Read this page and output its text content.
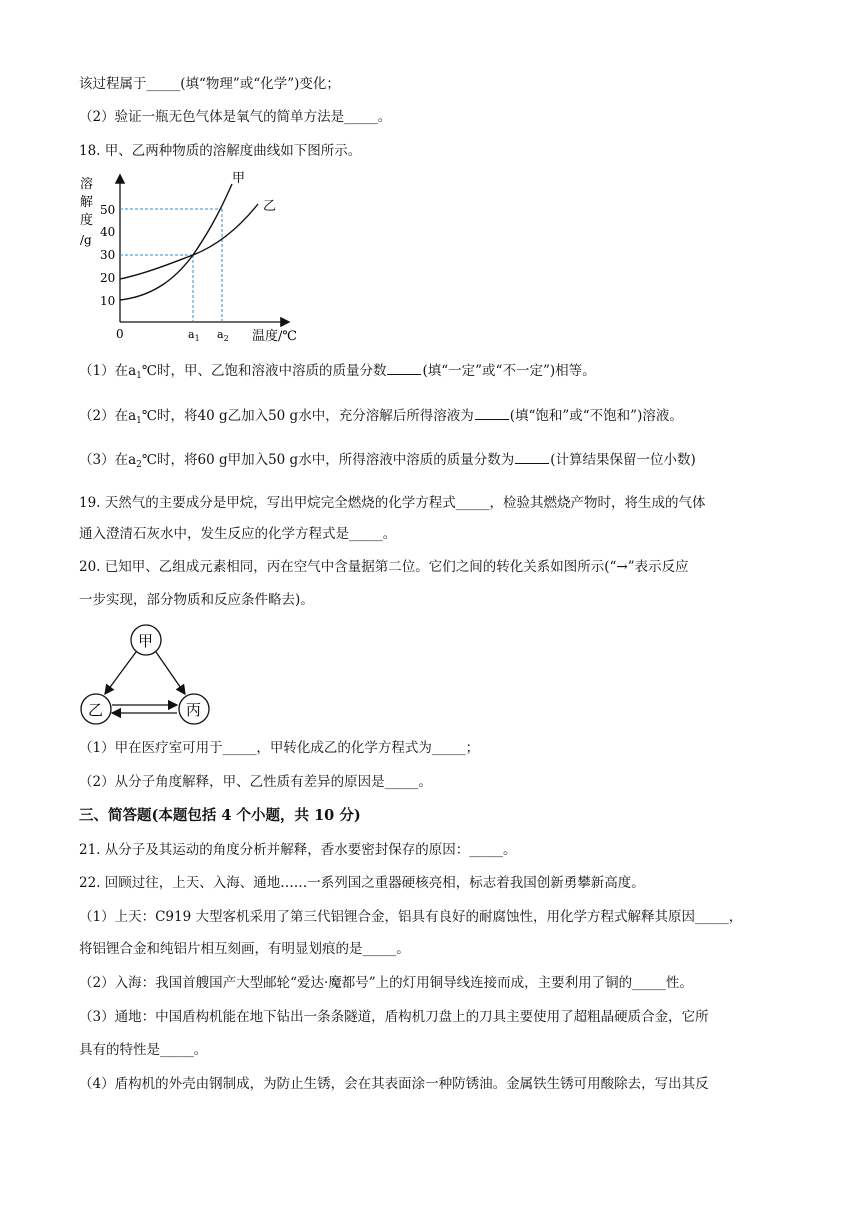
该过程属于_____(填“物理”或“化学”)变化；
（2）验证一瓶无色气体是氧气的简单方法是_____。
18. 甲、乙两种物质的溶解度曲线如下图所示。
溶
解
度
/g
10
20
30
40
50
甲
乙
0	$a_1$ $a_2$ 温度/℃
（1）在$a_1℃$时，甲、乙饱和溶液中溶质的质量分数	(填“一定”或“不一定”)相等。
（2）在$a_1℃$时，将40 g乙加入50 g水中，充分溶解后所得溶液为	(填“饱和”或“不饱和”)溶液。
（3）在$a_2℃$时，将60 g甲加入50 g水中，所得溶液中溶质的质量分数为	(计算结果保留一位小数)
19. 天然气的主要成分是甲烷，写出甲烷完全燃烧的化学方程式_____，检验其燃烧产物时，将生成的气体
通入澄清石灰水中，发生反应的化学方程式是_____。
20. 已知甲、乙组成元素相同，丙在空气中含量据第二位。它们之间的转化关系如图所示(“→”表示反应
一步实现，部分物质和反应条件略去)。
甲
乙	丙
（1）甲在医疗室可用于_____，甲转化成乙的化学方程式为_____；
（2）从分子角度解释，甲、乙性质有差异的原因是_____。
三、简答题(本题包括 4 个小题，共 10 分)
21. 从分子及其运动的角度分析并解释，香水要密封保存的原因：_____。
22. 回顾过往，上天、入海、通地……一系列国之重器硬核亮相，标志着我国创新勇攀新高度。
（1）上天：C919 大型客机采用了第三代铝锂合金，铝具有良好的耐腐蚀性，用化学方程式解释其原因_____，
将铝锂合金和纯铝片相互刻画，有明显划痕的是_____。
（2）入海：我国首艘国产大型邮轮“爱达·魔都号”上的灯用铜导线连接而成，主要利用了铜的_____性。
（3）通地：中国盾构机能在地下钻出一条条隧道，盾构机刀盘上的刀具主要使用了超粗晶硬质合金，它所
具有的特性是_____。
（4）盾构机的外壳由钢制成，为防止生锈，会在其表面涂一种防锈油。金属铁生锈可用酸除去，写出其反
